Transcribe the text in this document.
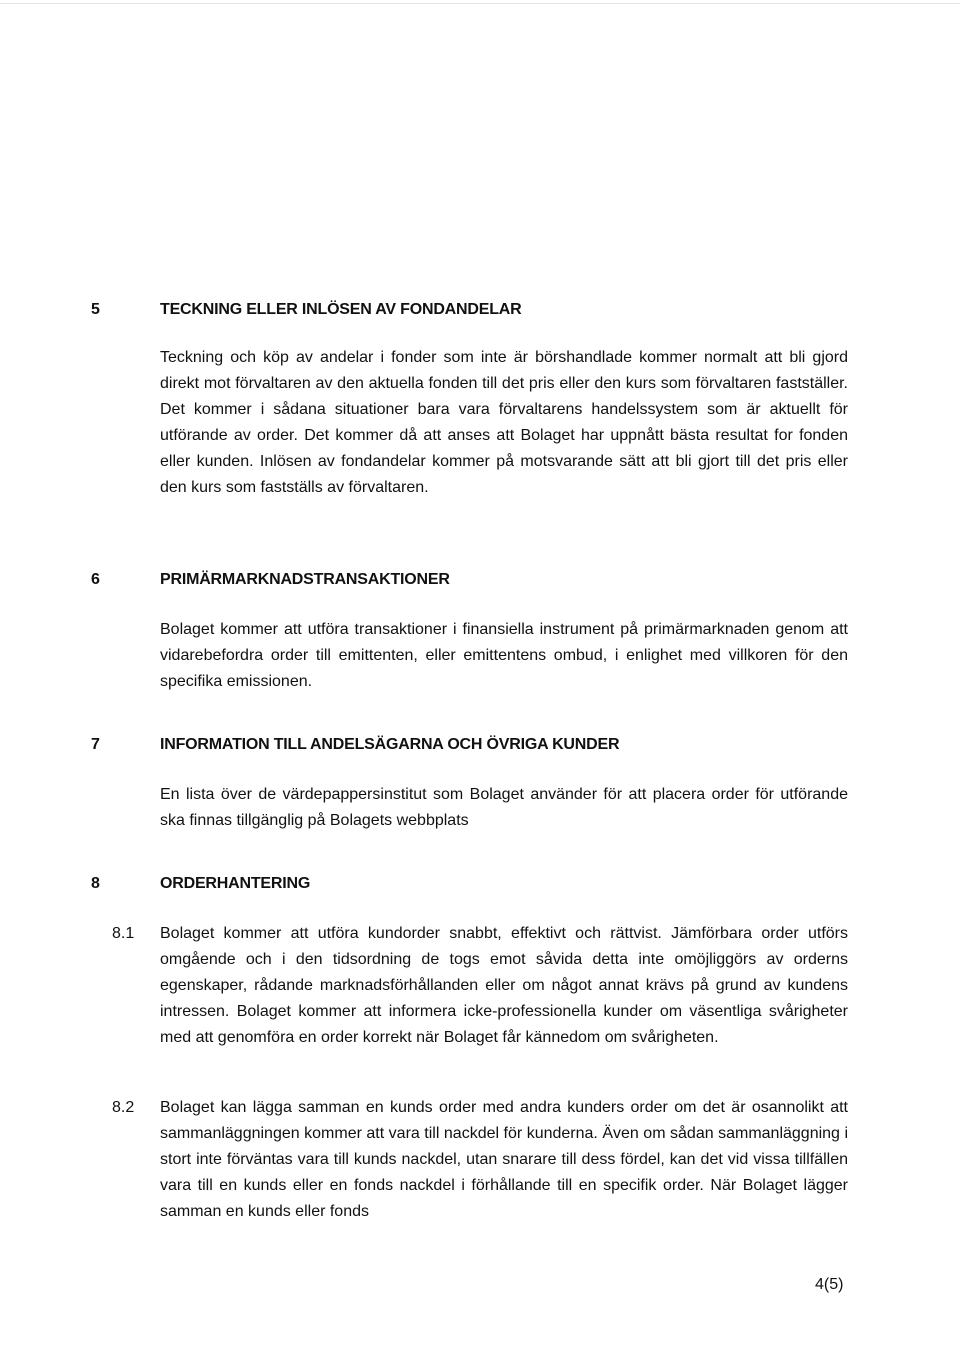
5	TECKNING ELLER INLÖSEN AV FONDANDELAR

Teckning och köp av andelar i fonder som inte är börshandlade kommer normalt att bli gjord direkt mot förvaltaren av den aktuella fonden till det pris eller den kurs som förvaltaren fastställer. Det kommer i sådana situationer bara vara förvaltarens handelssystem som är aktuellt för utförande av order. Det kommer då att anses att Bolaget har uppnått bästa resultat for fonden eller kunden. Inlösen av fondandelar kommer på motsvarande sätt att bli gjort till det pris eller den kurs som fastställs av förvaltaren.

6	PRIMÄRMARKNADSTRANSAKTIONER

Bolaget kommer att utföra transaktioner i finansiella instrument på primärmarknaden genom att vidarebefordra order till emittenten, eller emittentens ombud, i enlighet med villkoren för den specifika emissionen.

7	INFORMATION TILL ANDELSÄGARNA OCH ÖVRIGA KUNDER

En lista över de värdepappersinstitut som Bolaget använder för att placera order för utförande ska finnas tillgänglig på Bolagets webbplats

8	ORDERHANTERING
8.1	Bolaget kommer att utföra kundorder snabbt, effektivt och rättvist. Jämförbara order utförs omgående och i den tidsordning de togs emot såvida detta inte omöjliggörs av orderns egenskaper, rådande marknadsförhållanden eller om något annat krävs på grund av kundens intressen. Bolaget kommer att informera icke-professionella kunder om väsentliga svårigheter med att genomföra en order korrekt när Bolaget får kännedom om svårigheten.

8.2	Bolaget kan lägga samman en kunds order med andra kunders order om det är osannolikt att sammanläggningen kommer att vara till nackdel för kunderna. Även om sådan sammanläggning i stort inte förväntas vara till kunds nackdel, utan snarare till dess fördel, kan det vid vissa tillfällen vara till en kunds eller en fonds nackdel i förhållande till en specifik order. När Bolaget lägger samman en kunds eller fonds

4(5)
